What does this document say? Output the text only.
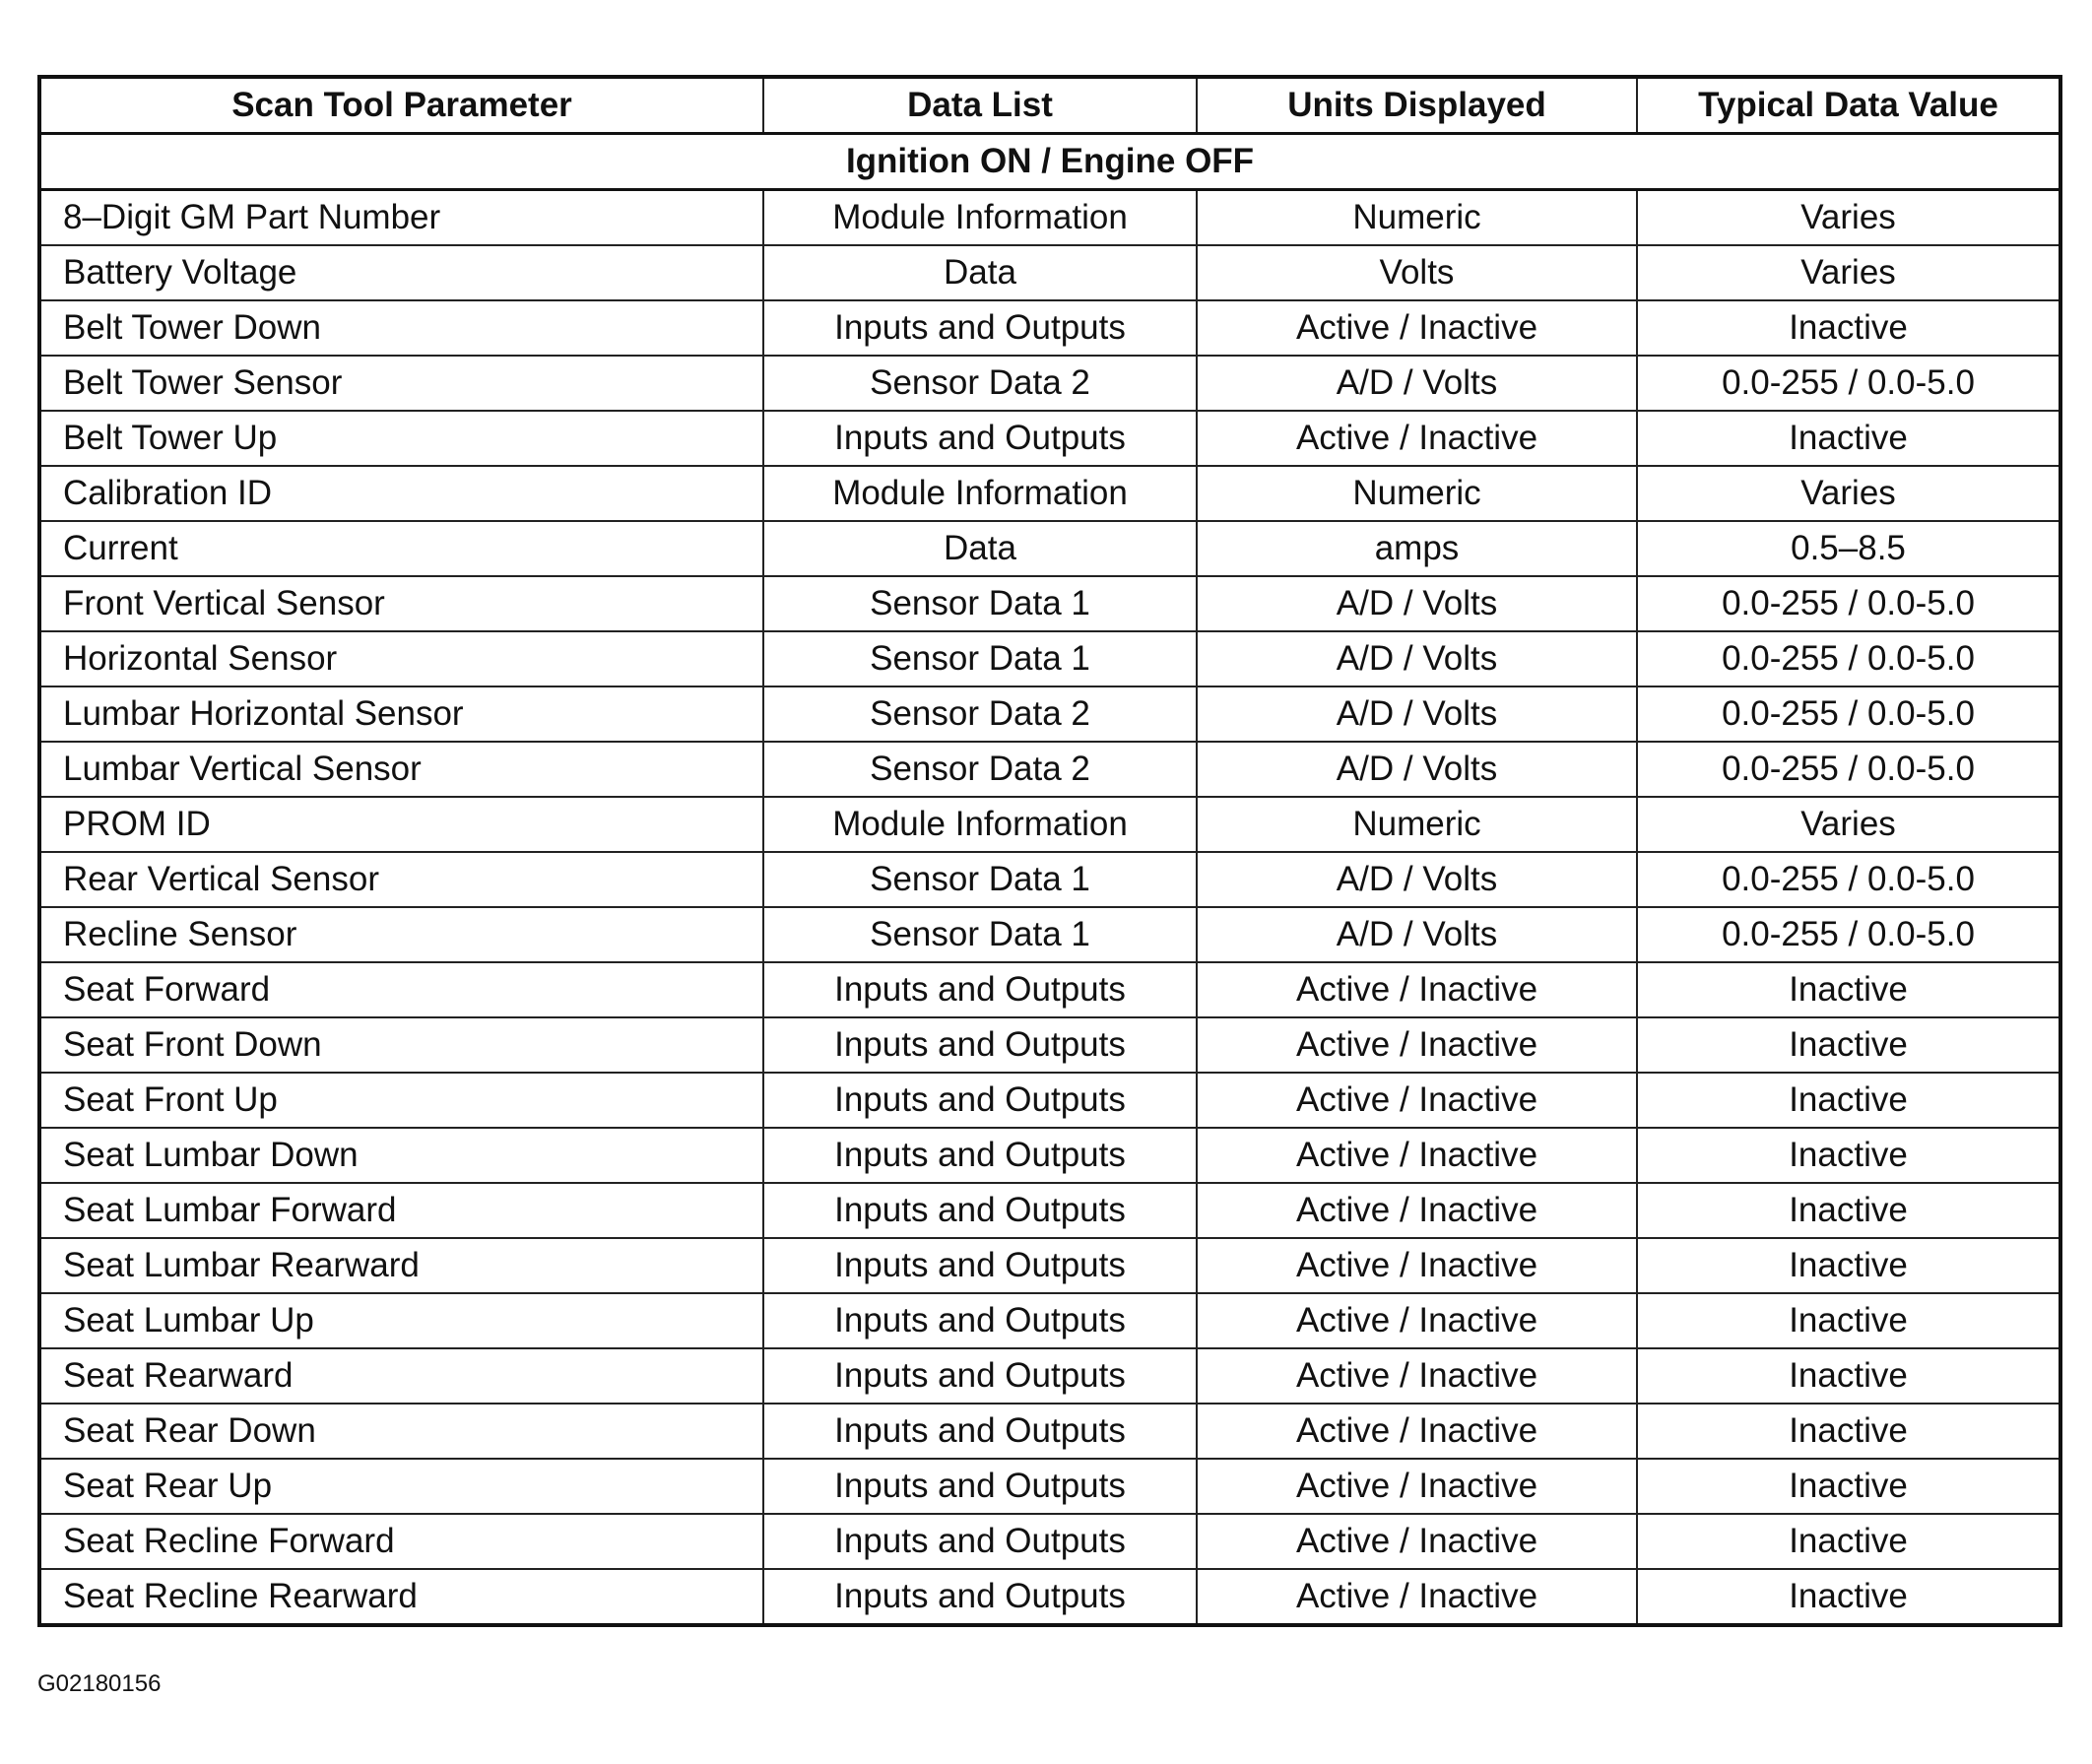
Scan Tool Parameter	Data List	Units Displayed	Typical Data Value
Ignition ON / Engine OFF			
8–Digit GM Part Number	Module Information	Numeric	Varies
Battery Voltage	Data	Volts	Varies
Belt Tower Down	Inputs and Outputs	Active / Inactive	Inactive
Belt Tower Sensor	Sensor Data 2	A/D / Volts	0.0-255 / 0.0-5.0
Belt Tower Up	Inputs and Outputs	Active / Inactive	Inactive
Calibration ID	Module Information	Numeric	Varies
Current	Data	amps	0.5–8.5
Front Vertical Sensor	Sensor Data 1	A/D / Volts	0.0-255 / 0.0-5.0
Horizontal Sensor	Sensor Data 1	A/D / Volts	0.0-255 / 0.0-5.0
Lumbar Horizontal Sensor	Sensor Data 2	A/D / Volts	0.0-255 / 0.0-5.0
Lumbar Vertical Sensor	Sensor Data 2	A/D / Volts	0.0-255 / 0.0-5.0
PROM ID	Module Information	Numeric	Varies
Rear Vertical Sensor	Sensor Data 1	A/D / Volts	0.0-255 / 0.0-5.0
Recline Sensor	Sensor Data 1	A/D / Volts	0.0-255 / 0.0-5.0
Seat Forward	Inputs and Outputs	Active / Inactive	Inactive
Seat Front Down	Inputs and Outputs	Active / Inactive	Inactive
Seat Front Up	Inputs and Outputs	Active / Inactive	Inactive
Seat Lumbar Down	Inputs and Outputs	Active / Inactive	Inactive
Seat Lumbar Forward	Inputs and Outputs	Active / Inactive	Inactive
Seat Lumbar Rearward	Inputs and Outputs	Active / Inactive	Inactive
Seat Lumbar Up	Inputs and Outputs	Active / Inactive	Inactive
Seat Rearward	Inputs and Outputs	Active / Inactive	Inactive
Seat Rear Down	Inputs and Outputs	Active / Inactive	Inactive
Seat Rear Up	Inputs and Outputs	Active / Inactive	Inactive
Seat Recline Forward	Inputs and Outputs	Active / Inactive	Inactive
Seat Recline Rearward	Inputs and Outputs	Active / Inactive	Inactive
G02180156
